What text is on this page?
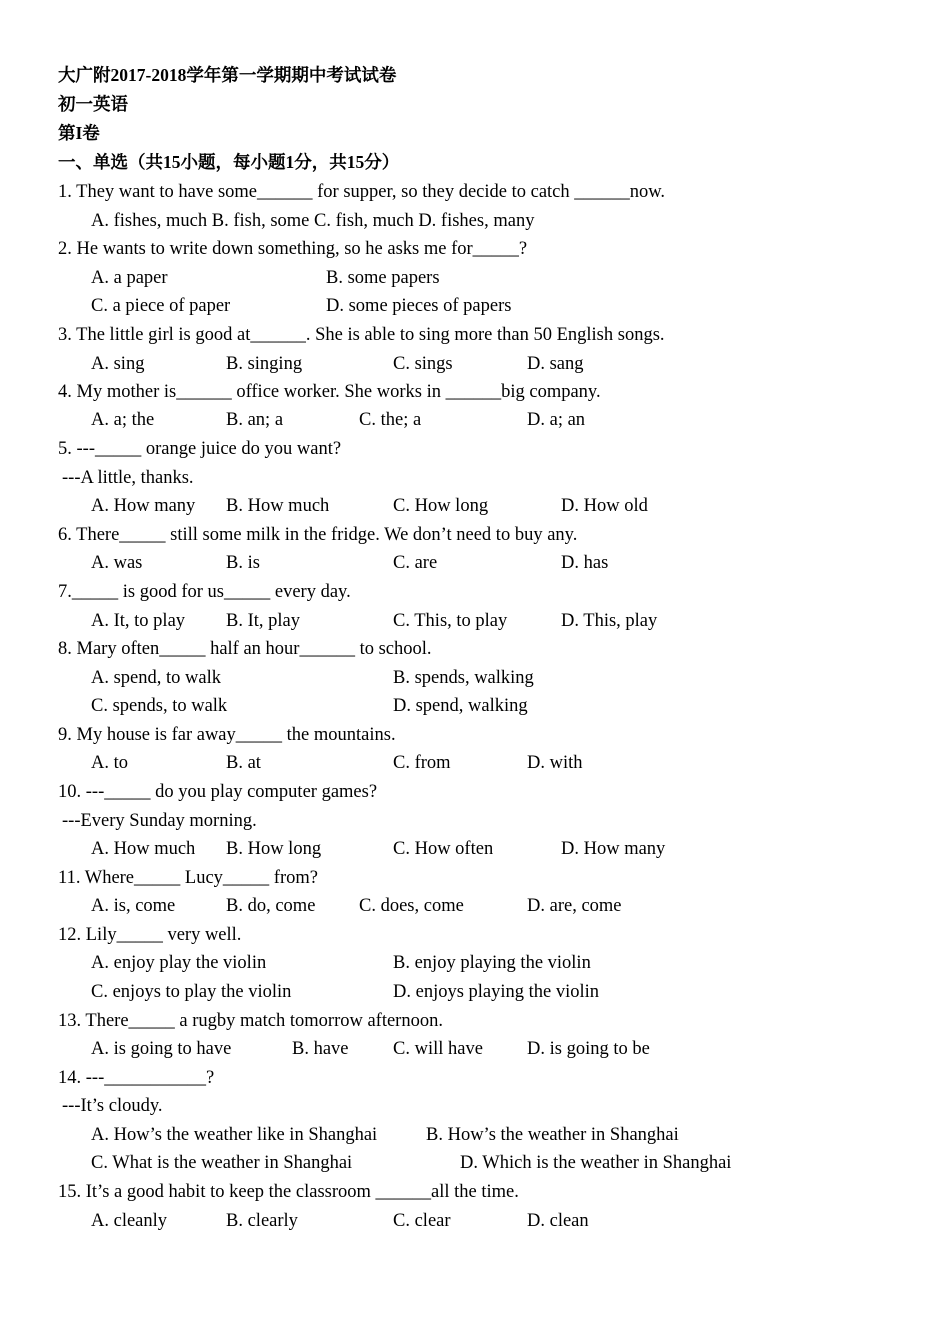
大广附2017-2018学年第一学期期中考试试卷
初一英语
第I卷
一、单选（共15小题，每小题1分，共15分）
1. They want to have some______ for supper, so they decide to catch ______now.
A. fishes, much B. fish, some C. fish, much D. fishes, many
2. He wants to write down something, so he asks me for_____?
A. a paper	B. some papers
C. a piece of paper	D. some pieces of papers
3. The little girl is good at______. She is able to sing more than 50 English songs.
A. sing	B. singing	C. sings	D. sang
4. My mother is______ office worker. She works in ______big company.
A. a; the	B. an; a	C. the; a	D. a; an
5. ---_____ orange juice do you want?
---A little, thanks.
A. How many B. How much	C. How long	D. How old
6. There_____ still some milk in the fridge. We don’t need to buy any.
A. was	B. is	C. are	D. has
7._____ is good for us_____ every day.
A. It, to play B. It, play	C. This, to play	D. This, play
8. Mary often_____ half an hour______ to school.
A. spend, to walk	B. spends, walking
C. spends, to walk	D. spend, walking
9. My house is far away_____ the mountains.
A. to	B. at	C. from	D. with
10. ---_____ do you play computer games?
---Every Sunday morning.
A. How much B. How long	C. How often	D. How many
11. Where_____ Lucy_____ from?
A. is, come	B. do, come C. does, come	D. are, come
12. Lily_____ very well.
A. enjoy play the violin	B. enjoy playing the violin
C. enjoys to play the violin	D. enjoys playing the violin
13. There_____ a rugby match tomorrow afternoon.
A. is going to have	B. have C. will have D. is going to be
14. ---___________?
---It’s cloudy.
A. How’s the weather like in Shanghai	B. How’s the weather in Shanghai
C. What is the weather in Shanghai	D. Which is the weather in Shanghai
15. It’s a good habit to keep the classroom ______all the time.
A. cleanly	B. clearly	C. clear	D. clean
